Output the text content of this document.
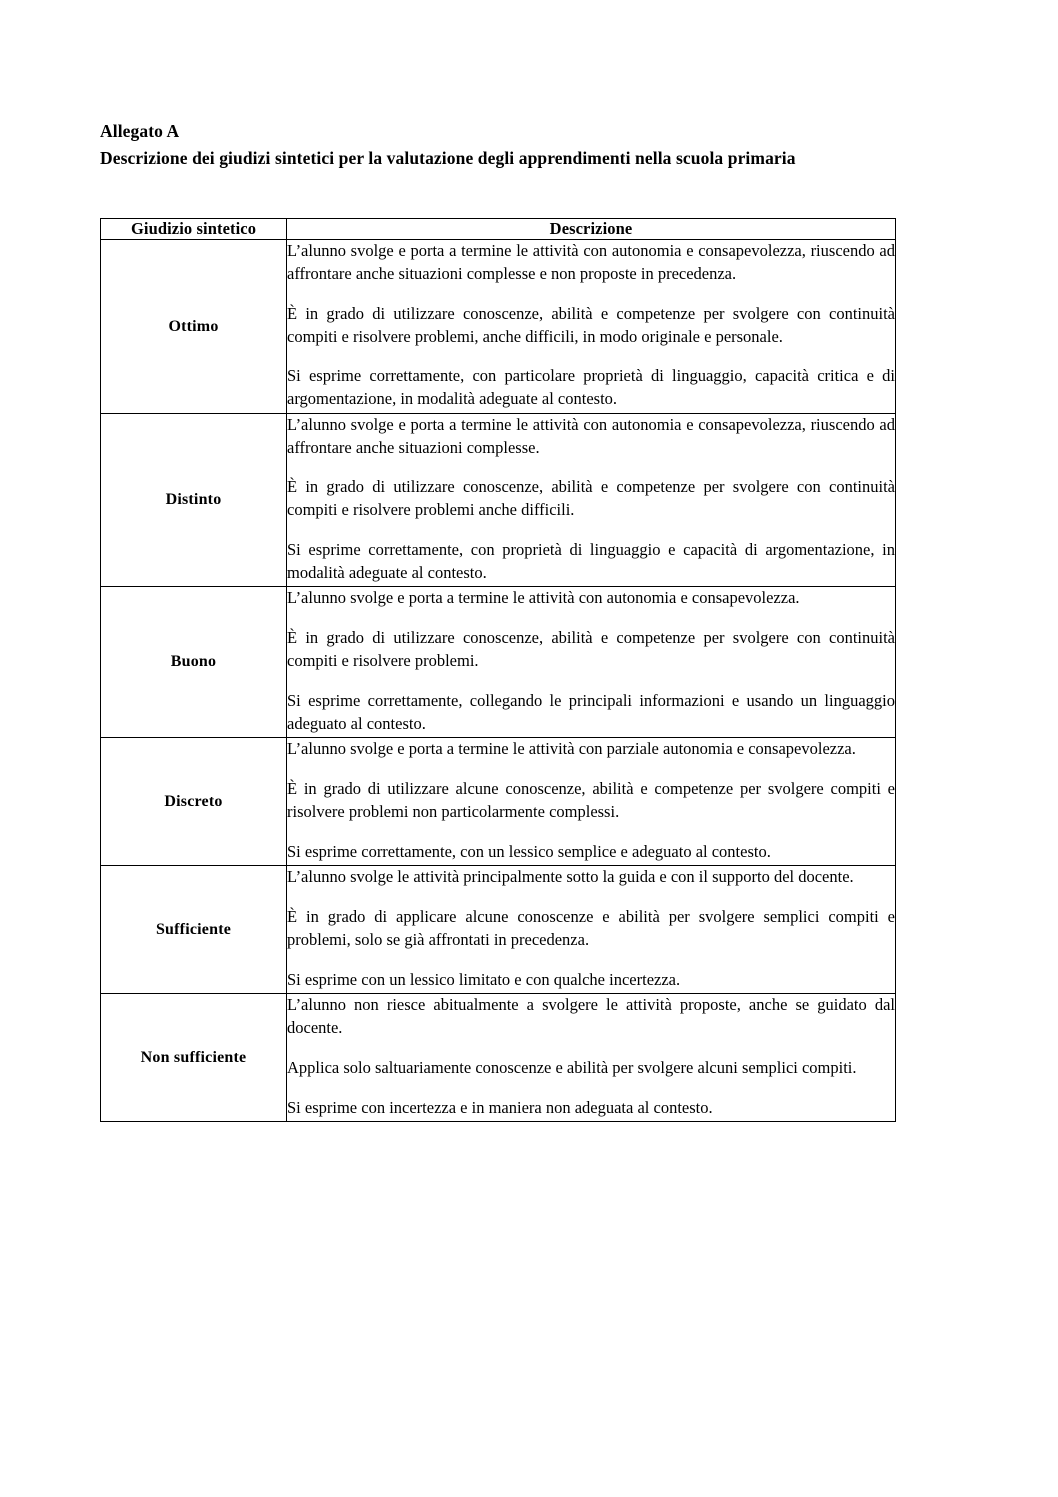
Allegato A
Descrizione dei giudizi sintetici per la valutazione degli apprendimenti nella scuola primaria
Giudizio sintetico	Descrizione
Ottimo	L’alunno svolge e porta a termine le attività con autonomia e consapevolezza, riuscendo ad affrontare anche situazioni complesse e non proposte in precedenza.

È in grado di utilizzare conoscenze, abilità e competenze per svolgere con continuità compiti e risolvere problemi, anche difficili, in modo originale e personale.

Si esprime correttamente, con particolare proprietà di linguaggio, capacità critica e di argomentazione, in modalità adeguate al contesto.

Distinto	L’alunno svolge e porta a termine le attività con autonomia e consapevolezza, riuscendo ad affrontare anche situazioni complesse.

È in grado di utilizzare conoscenze, abilità e competenze per svolgere con continuità compiti e risolvere problemi anche difficili.

Si esprime correttamente, con proprietà di linguaggio e capacità di argomentazione, in modalità adeguate al contesto.

Buono	L’alunno svolge e porta a termine le attività con autonomia e consapevolezza.

È in grado di utilizzare conoscenze, abilità e competenze per svolgere con continuità compiti e risolvere problemi.

Si esprime correttamente, collegando le principali informazioni e usando un linguaggio adeguato al contesto.

Discreto	L’alunno svolge e porta a termine le attività con parziale autonomia e consapevolezza.

È in grado di utilizzare alcune conoscenze, abilità e competenze per svolgere compiti e risolvere problemi non particolarmente complessi.

Si esprime correttamente, con un lessico semplice e adeguato al contesto.

Sufficiente	L’alunno svolge le attività principalmente sotto la guida e con il supporto del docente.

È in grado di applicare alcune conoscenze e abilità per svolgere semplici compiti e problemi, solo se già affrontati in precedenza.

Si esprime con un lessico limitato e con qualche incertezza.

Non sufficiente	L’alunno non riesce abitualmente a svolgere le attività proposte, anche se guidato dal docente.

Applica solo saltuariamente conoscenze e abilità per svolgere alcuni semplici compiti.

Si esprime con incertezza e in maniera non adeguata al contesto.
